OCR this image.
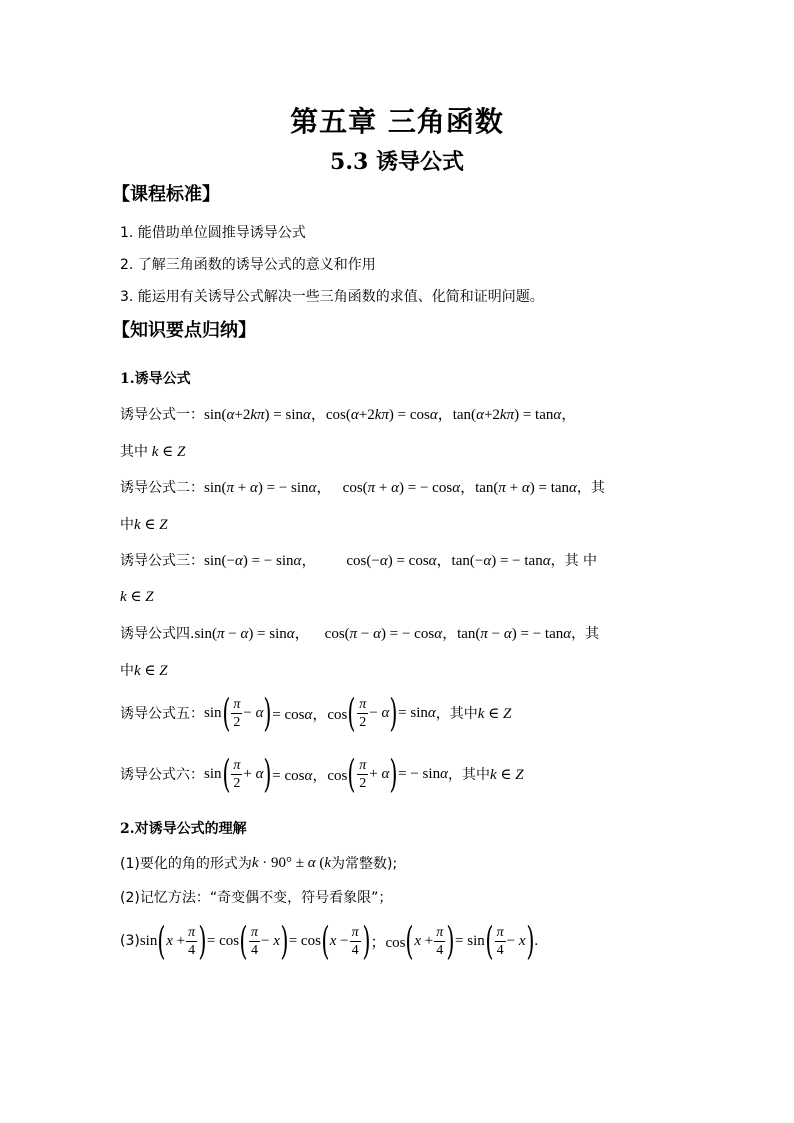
第五章 三角函数
5.3 诱导公式
【课程标准】
1. 能借助单位圆推导诱导公式
2. 了解三角函数的诱导公式的意义和作用
3. 能运用有关诱导公式解决一些三角函数的求值、化简和证明问题。
【知识要点归纳】
1.诱导公式
诱导公式一： sin(α+2kπ) = sinα，cos(α+2kπ) = cosα，tan(α+2kπ) = tanα，
其中 k ∈ Z
诱导公式二： sin(π + α) = − sinα，   cos(π + α) = − cosα，tan(π + α) = tanα ，其
中 k ∈ Z
诱导公式三： sin(−α) = − sinα，        cos(−α) = cosα，tan(−α) = − tanα ，其 中
k ∈ Z
诱导公式四. sin(π − α) = sinα，    cos(π − α) = − cosα，tan(π − α) = − tanα ，其
中 k ∈ Z
诱导公式五： sin ( $\frac{\pi}{2} - \alpha$ ) = cosα，cos ( $\frac{\pi}{2} - \alpha$ ) = sinα ，其中 k ∈ Z
诱导公式六： sin ( $\frac{\pi}{2} + \alpha$ ) = cosα，cos ( $\frac{\pi}{2} + \alpha$ ) = − sinα ，其中 k ∈ Z
2.对诱导公式的理解
(1)要化的角的形式为 k · 90° ± α (k 为常整数);
(2)记忆方法：“奇变偶不变，符号看象限”；
(3) sin ( $x + \frac{\pi}{4}$ ) = cos ( $\frac{\pi}{4} - x$ ) = cos ( $x - \frac{\pi}{4}$ ) ；cos ( $x + \frac{\pi}{4}$ ) = sin ( $\frac{\pi}{4} - x$ ) .
